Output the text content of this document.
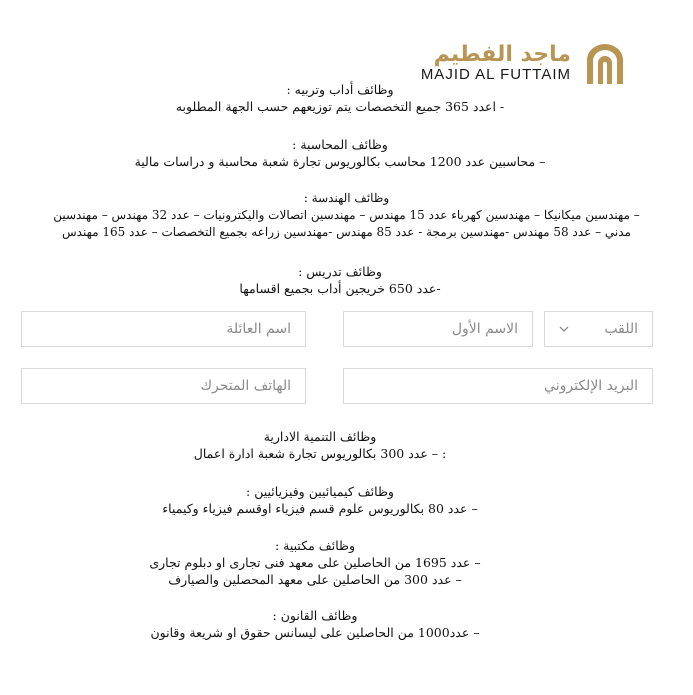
ماجد الفطيم
MAJID AL FUTTAIM
وظائف أداب وتربيه :
- اعدد 365 جميع التخصصات يتم توزيعهم حسب الجهة المطلوبه
وظائف المحاسبة :
– محاسبين عدد 1200 محاسب بكالوريوس تجارة شعبة محاسبة و دراسات مالية
وظائف الهندسة :
– مهندسين ميكانيكا – مهندسين كهرباء عدد 15 مهندس – مهندسين اتصالات واليكترونيات – عدد 32 مهندس – مهندسين
مدني – عدد 58 مهندس -مهندسين برمجة - عدد 85 مهندس -مهندسين زراعه بجميع التخصصات – عدد 165 مهندس
وظائف تدريس :
-عدد 650 خريجين أداب بجميع اقسامها
اللقب
الاسم الأول
اسم العائلة
البريد الإلكتروني
الهاتف المتحرك
وظائف التنمية الادارية
: – عدد 300 بكالوريوس تجارة شعبة ادارة اعمال
وظائف كيميائيين وفيزيائيين :
– عدد 80 بكالوريوس علوم قسم فيزياء اوقسم فيزياء وكيمياء
وظائف مكتبية :
– عدد 1695 من الحاصلين على معهد فنى تجارى او دبلوم تجارى
– عدد 300 من الحاصلين على معهد المحصلين والصيارف
وظائف القانون :
– عدد1000 من الحاصلين على ليسانس حقوق او شريعة وقانون
